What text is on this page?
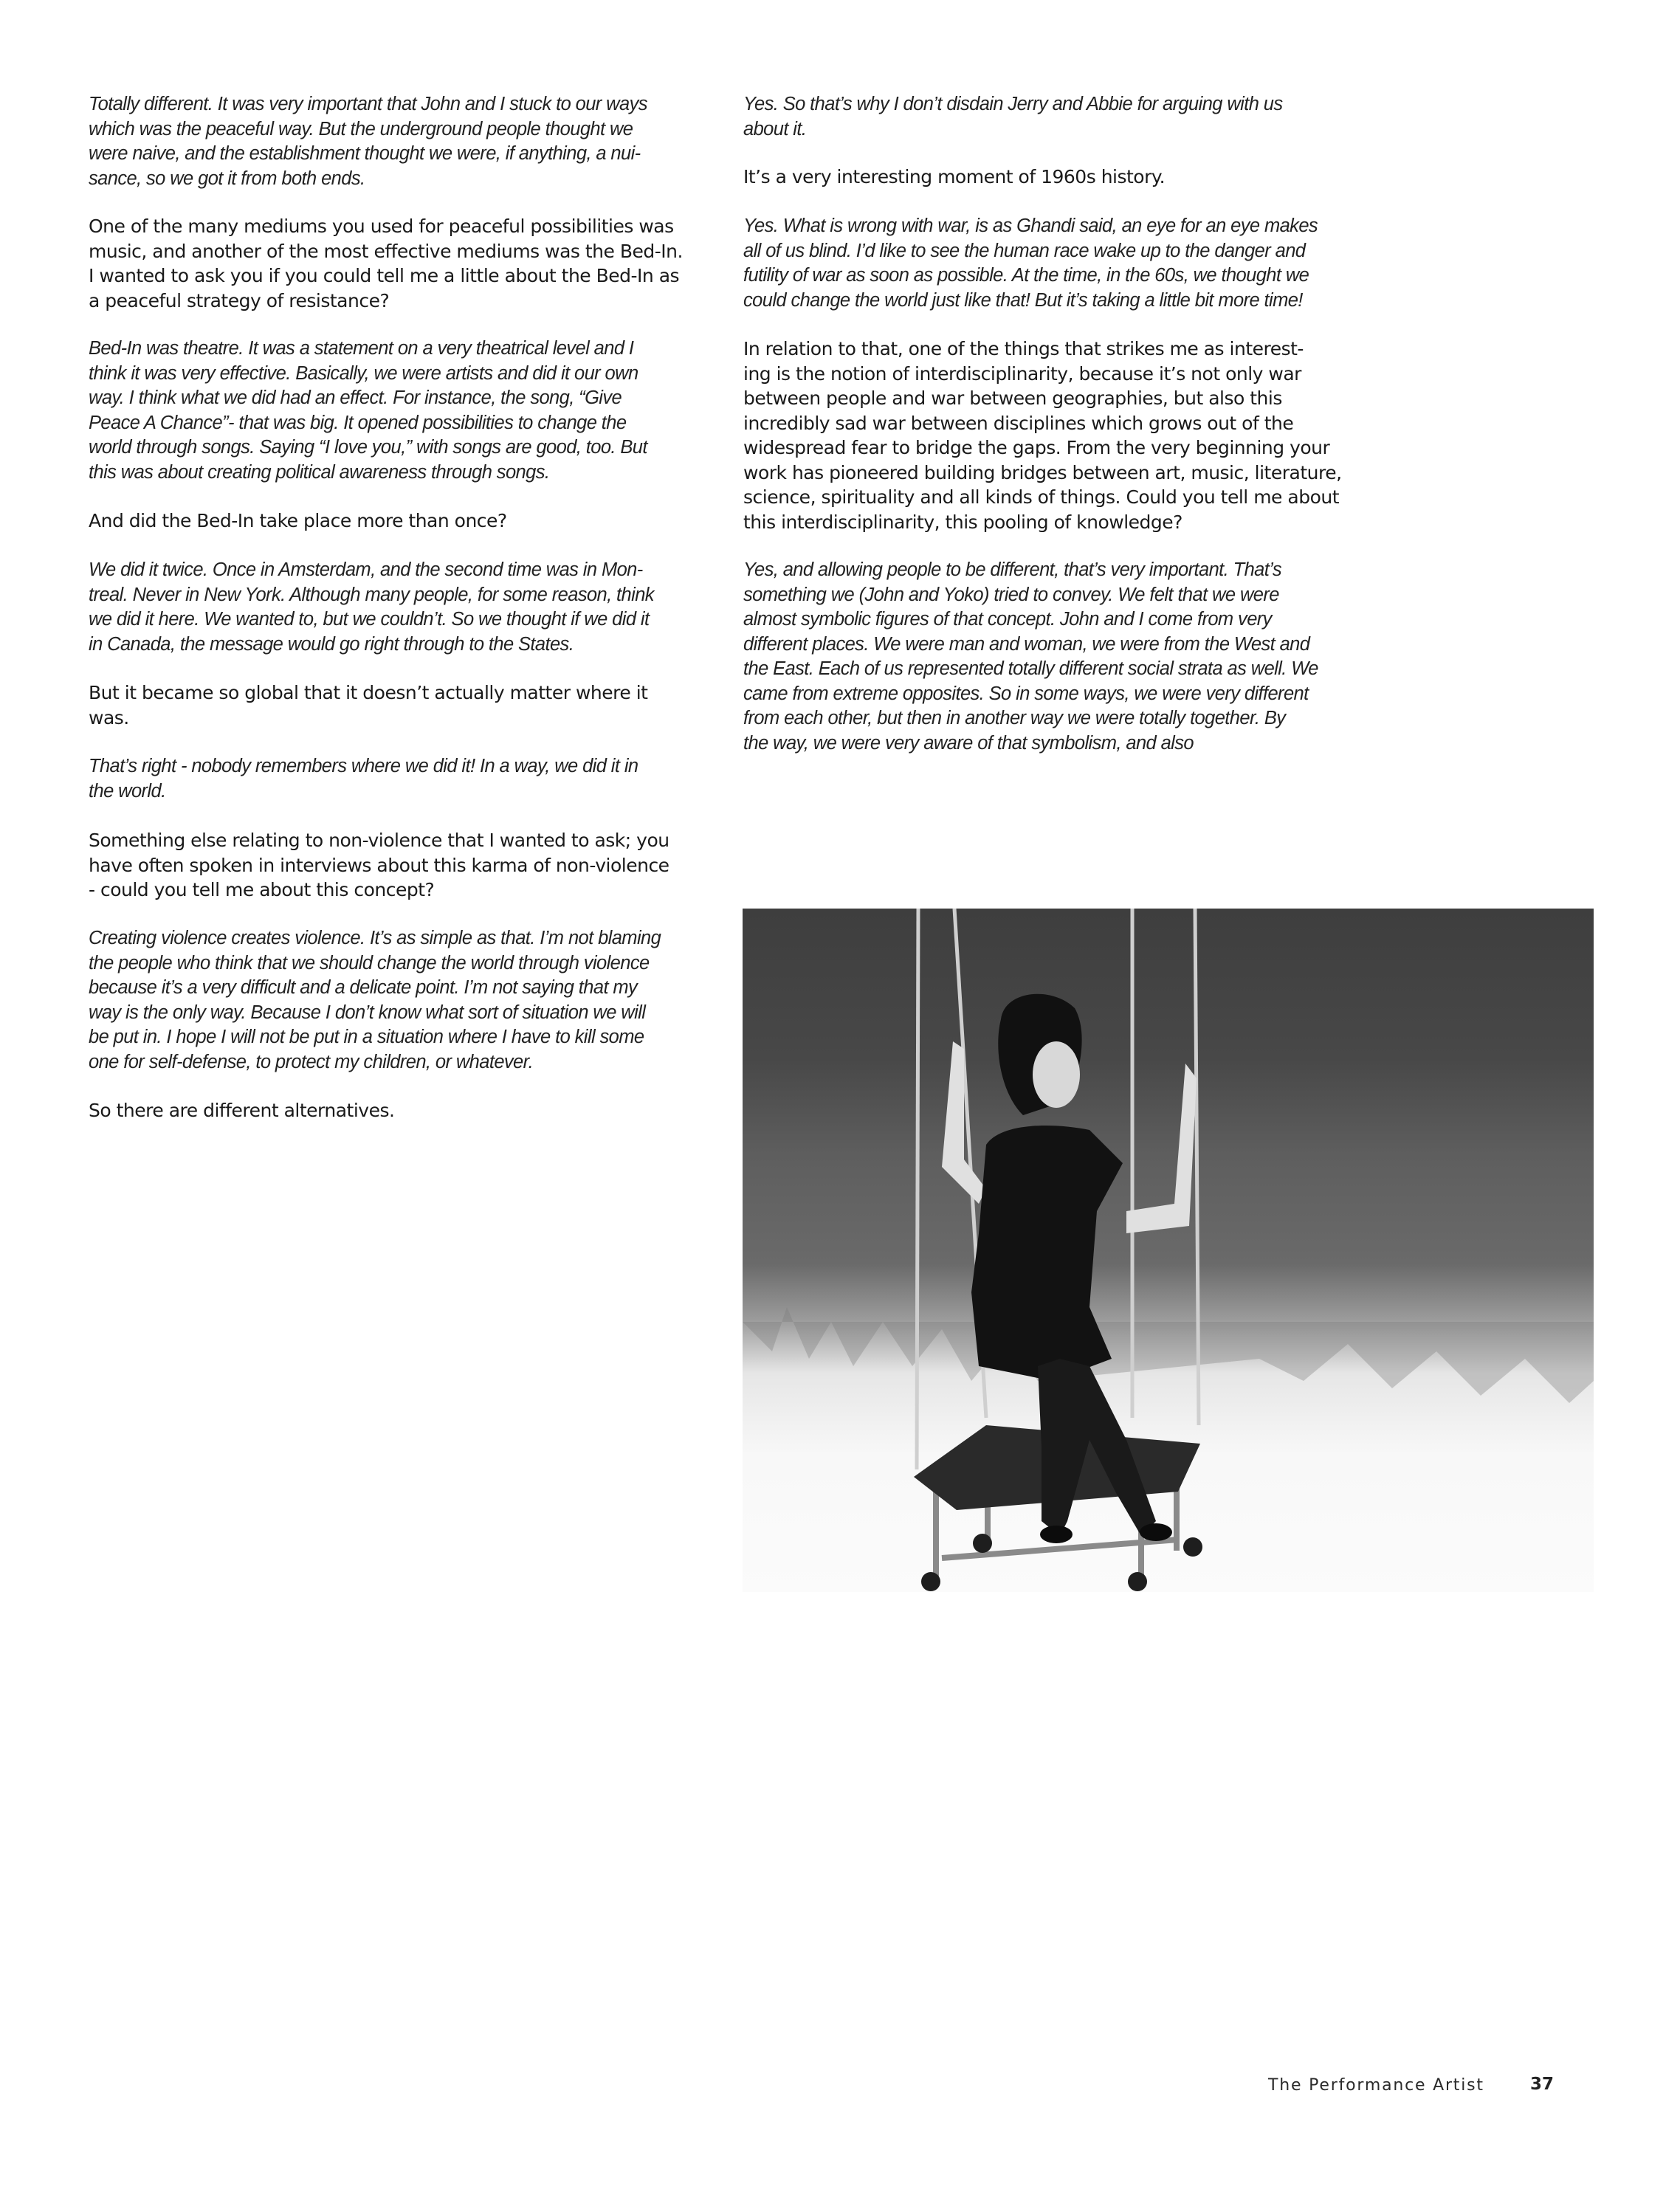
Totally different. It was very important that John and I stuck to our ways
which was the peaceful way. But the underground people thought we
were naive, and the establishment thought we were, if anything, a nui-
sance, so we got it from both ends.
One of the many mediums you used for peaceful possibilities was
music, and another of the most effective mediums was the Bed-In.
I wanted to ask you if you could tell me a little about the Bed-In as
a peaceful strategy of resistance?
Bed-In was theatre. It was a statement on a very theatrical level and I
think it was very effective. Basically, we were artists and did it our own
way. I think what we did had an effect. For instance, the song, “Give
Peace A Chance”- that was big. It opened possibilities to change the
world through songs. Saying “I love you,” with songs are good, too. But
this was about creating political awareness through songs.
And did the Bed-In take place more than once?
We did it twice. Once in Amsterdam, and the second time was in Mon-
treal. Never in New York. Although many people, for some reason, think
we did it here. We wanted to, but we couldn’t. So we thought if we did it
in Canada, the message would go right through to the States.
But it became so global that it doesn’t actually matter where it
was.
That’s right - nobody remembers where we did it! In a way, we did it in
the world.
Something else relating to non-violence that I wanted to ask; you
have often spoken in interviews about this karma of non-violence
- could you tell me about this concept?
Creating violence creates violence. It’s as simple as that. I’m not blaming
the people who think that we should change the world through violence
because it’s a very difficult and a delicate point. I’m not saying that my
way is the only way. Because I don’t know what sort of situation we will
be put in. I hope I will not be put in a situation where I have to kill some
one for self-defense, to protect my children, or whatever.
So there are different alternatives.
Yes. So that’s why I don’t disdain Jerry and Abbie for arguing with us
about it.
It’s a very interesting moment of 1960s history.
Yes. What is wrong with war, is as Ghandi said, an eye for an eye makes
all of us blind. I’d like to see the human race wake up to the danger and
futility of war as soon as possible. At the time, in the 60s, we thought we
could change the world just like that! But it’s taking a little bit more time!
In relation to that, one of the things that strikes me as interest-
ing is the notion of interdisciplinarity, because it’s not only war
between people and war between geographies, but also this
incredibly sad war between disciplines which grows out of the
widespread fear to bridge the gaps. From the very beginning your
work has pioneered building bridges between art, music, literature,
science, spirituality and all kinds of things. Could you tell me about
this interdisciplinarity, this pooling of knowledge?
Yes, and allowing people to be different, that’s very important. That’s
something we (John and Yoko) tried to convey. We felt that we were
almost symbolic figures of that concept. John and I come from very
different places. We were man and woman, we were from the West and
the East. Each of us represented totally different social strata as well. We
came from extreme opposites. So in some ways, we were very different
from each other, but then in another way we were totally together. By
the way, we were very aware of that symbolism, and also
The Performance Artist	37
